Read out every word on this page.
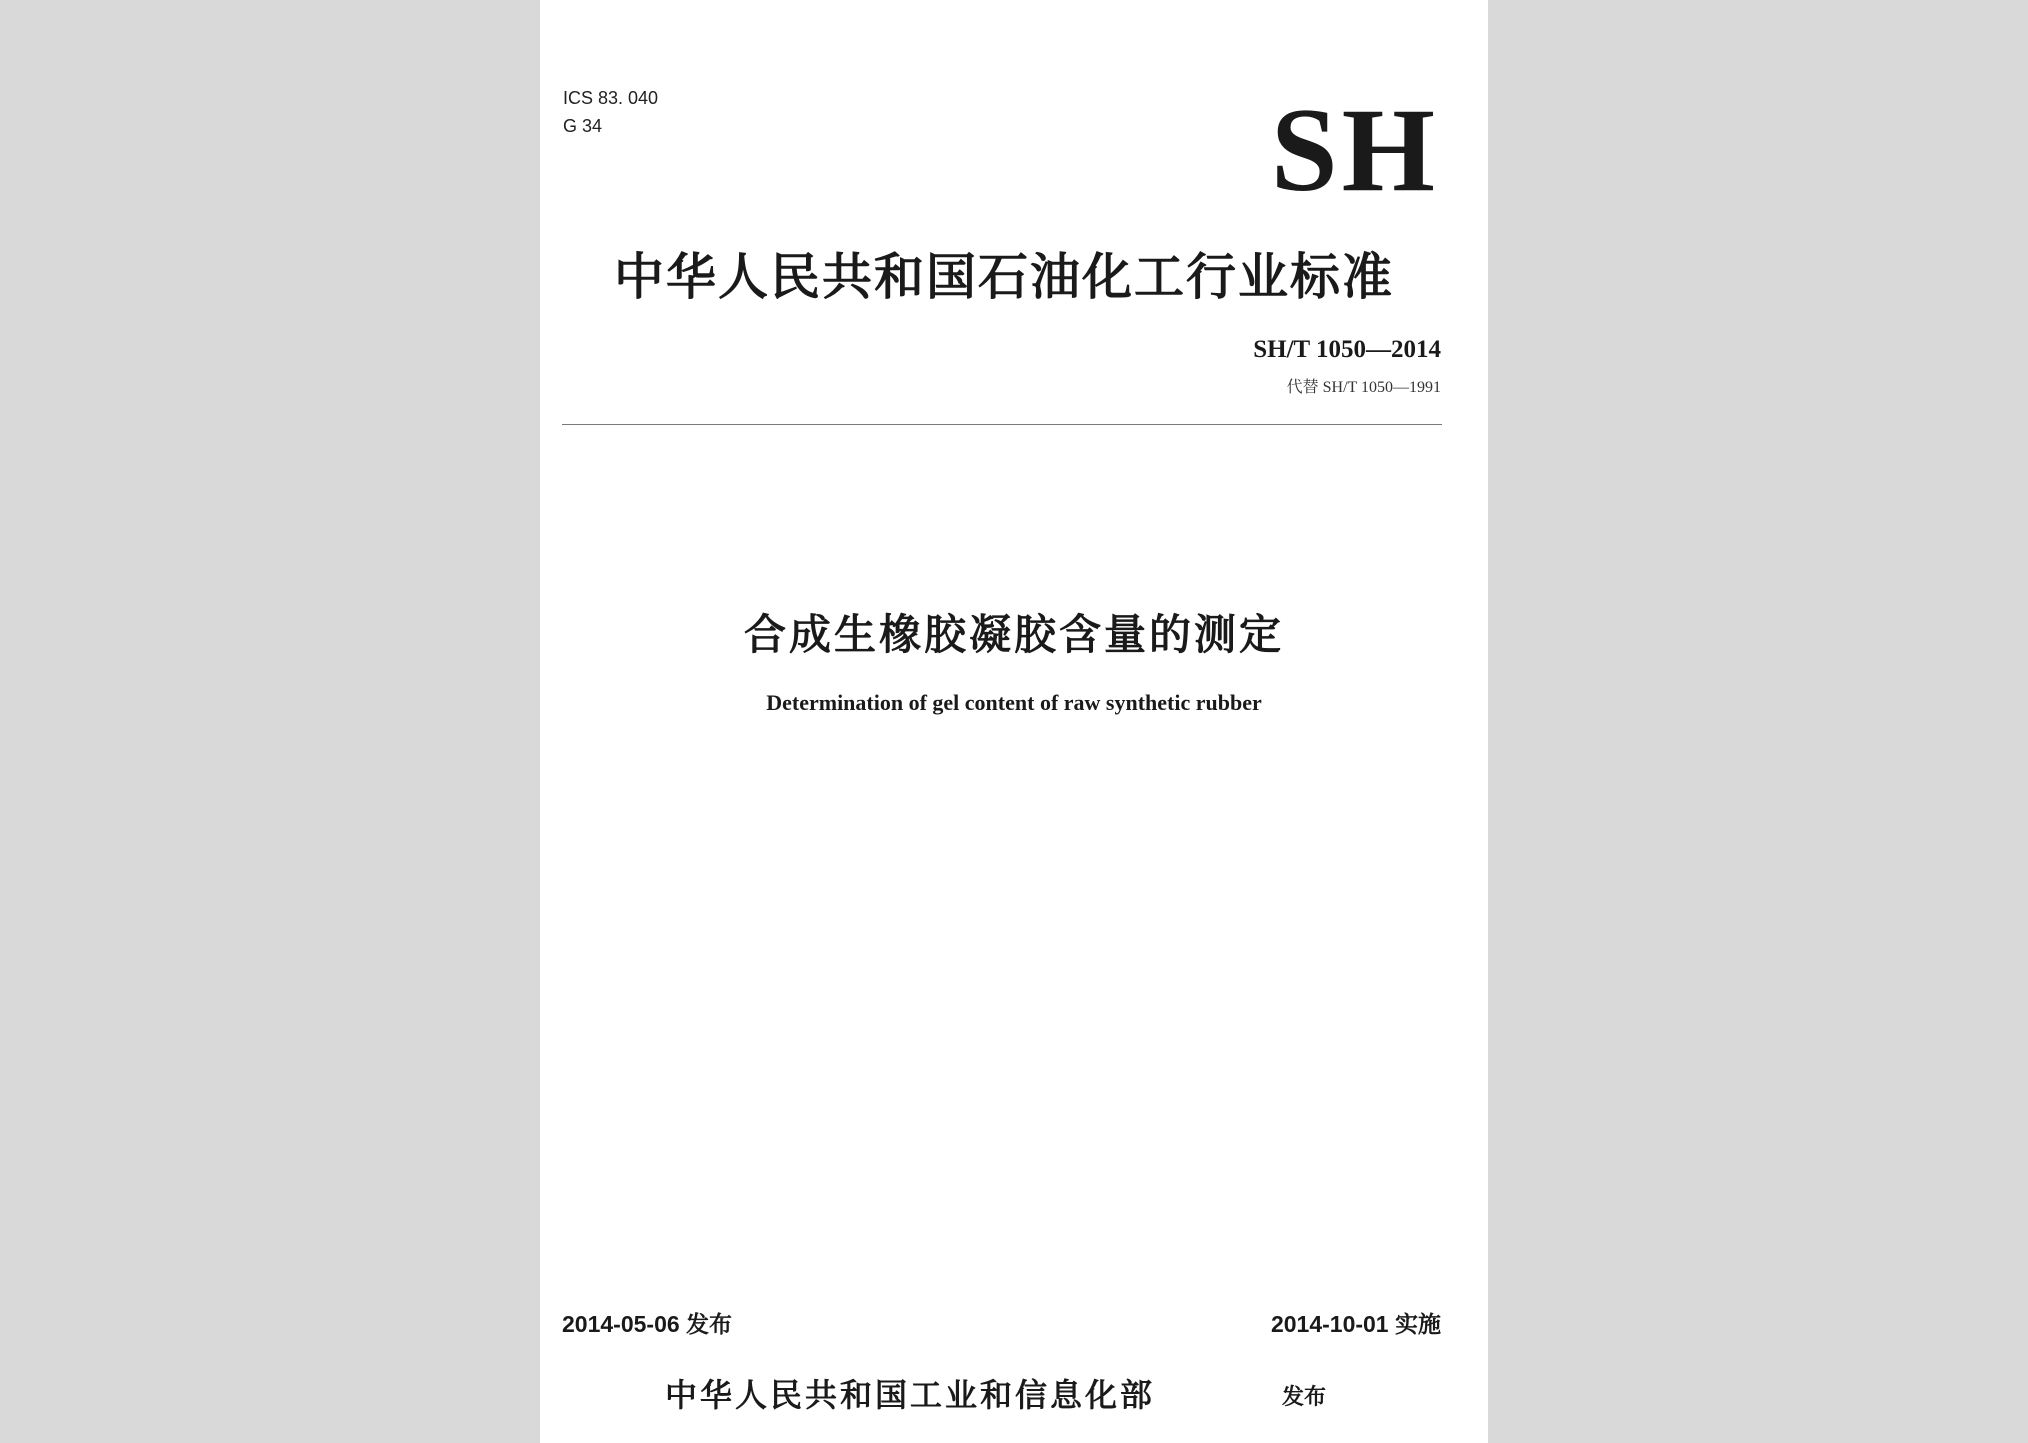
ICS 83. 040
G 34	SH
中华人民共和国石油化工行业标准
SH/T 1050—2014
代替 SH/T 1050—1991
合成生橡胶凝胶含量的测定
Determination of gel content of raw synthetic rubber
2014-05-06 发布	2014-10-01 实施
中华人民共和国工业和信息化部	发布
